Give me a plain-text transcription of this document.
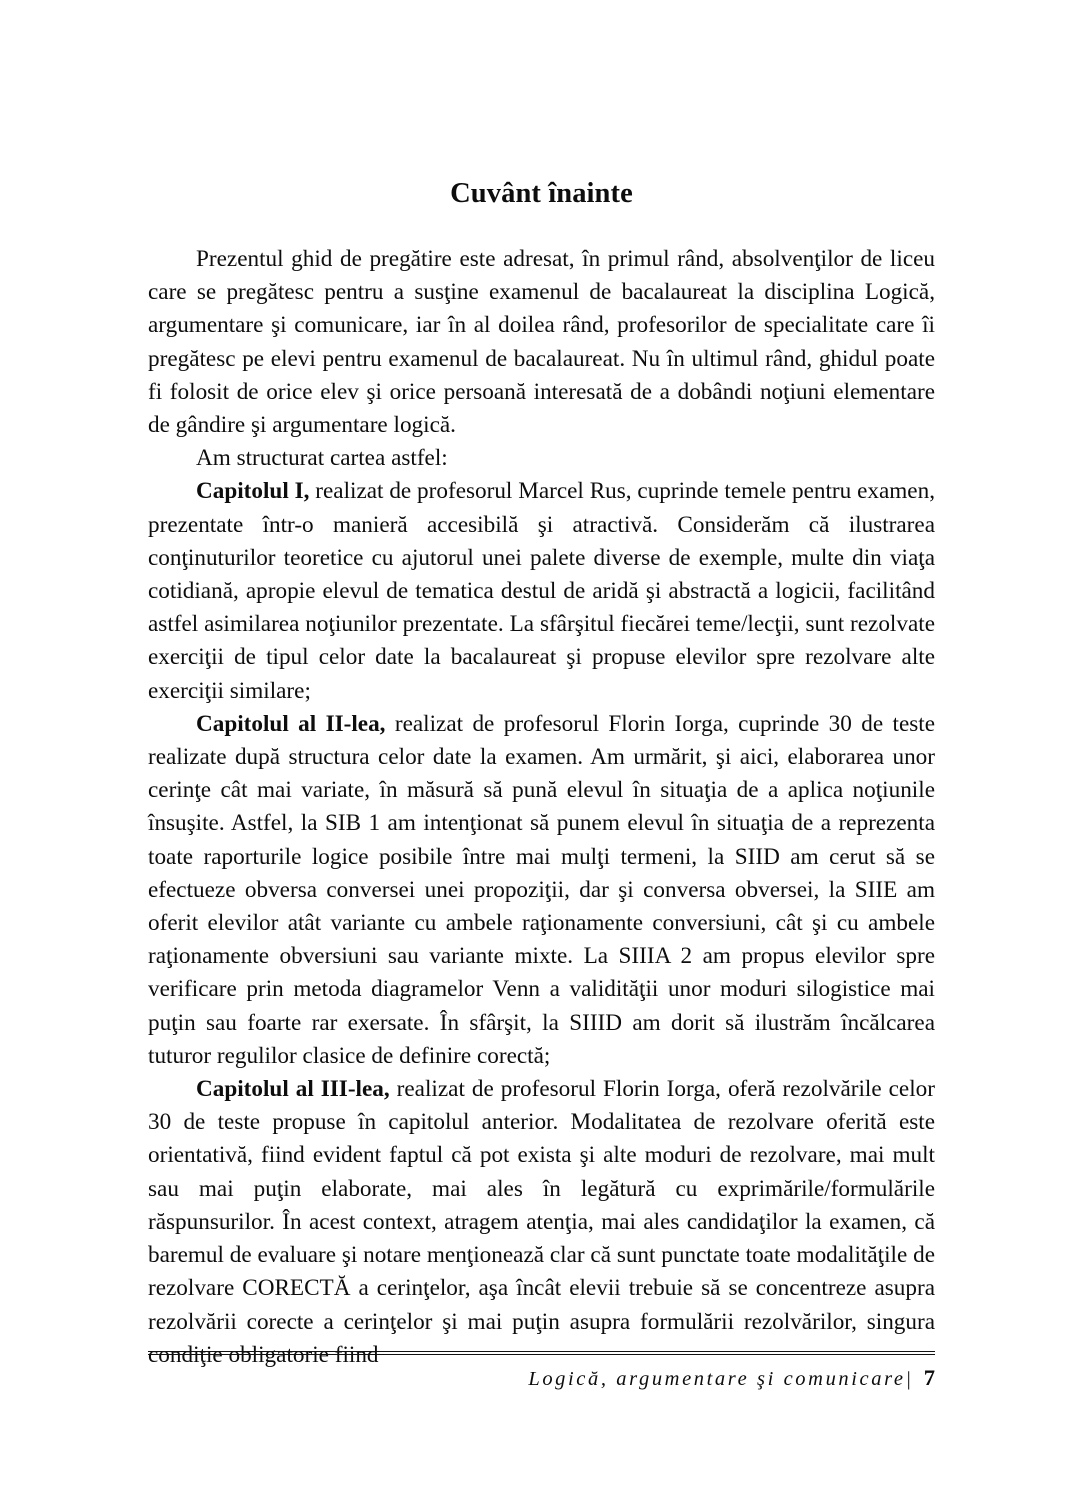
Cuvânt înainte

Prezentul ghid de pregătire este adresat, în primul rând, absolvenţilor de liceu care se pregătesc pentru a susţine examenul de bacalaureat la disciplina Logică, argumentare şi comunicare, iar în al doilea rând, profesorilor de specialitate care îi pregătesc pe elevi pentru examenul de bacalaureat. Nu în ultimul rând, ghidul poate fi folosit de orice elev şi orice persoană interesată de a dobândi noţiuni elementare de gândire şi argumentare logică.

Am structurat cartea astfel:

Capitolul I, realizat de profesorul Marcel Rus, cuprinde temele pentru examen, prezentate într-o manieră accesibilă şi atractivă. Considerăm că ilustrarea conţinuturilor teoretice cu ajutorul unei palete diverse de exemple, multe din viaţa cotidiană, apropie elevul de tematica destul de aridă şi abstractă a logicii, facilitând astfel asimilarea noţiunilor prezentate. La sfârşitul fiecărei teme/lecţii, sunt rezolvate exerciţii de tipul celor date la bacalaureat şi propuse elevilor spre rezolvare alte exerciţii similare;

Capitolul al II-lea, realizat de profesorul Florin Iorga, cuprinde 30 de teste realizate după structura celor date la examen. Am urmărit, şi aici, elaborarea unor cerinţe cât mai variate, în măsură să pună elevul în situaţia de a aplica noţiunile însuşite. Astfel, la SIB 1 am intenţionat să punem elevul în situaţia de a reprezenta toate raporturile logice posibile între mai mulţi termeni, la SIID am cerut să se efectueze obversa conversei unei propoziţii, dar şi conversa obversei, la SIIE am oferit elevilor atât variante cu ambele raţionamente conversiuni, cât şi cu ambele raţionamente obversiuni sau variante mixte. La SIIIA 2 am propus elevilor spre verificare prin metoda diagramelor Venn a validităţii unor moduri silogistice mai puţin sau foarte rar exersate. În sfârşit, la SIIID am dorit să ilustrăm încălcarea tuturor regulilor clasice de definire corectă;

Capitolul al III-lea, realizat de profesorul Florin Iorga, oferă rezolvările celor 30 de teste propuse în capitolul anterior. Modalitatea de rezolvare oferită este orientativă, fiind evident faptul că pot exista şi alte moduri de rezolvare, mai mult sau mai puţin elaborate, mai ales în legătură cu exprimările/formulările răspunsurilor. În acest context, atragem atenţia, mai ales candidaţilor la examen, că baremul de evaluare şi notare menţionează clar că sunt punctate toate modalităţile de rezolvare CORECTĂ a cerinţelor, aşa încât elevii trebuie să se concentreze asupra rezolvării corecte a cerinţelor şi mai puţin asupra formulării rezolvărilor, singura condiţie obligatorie fiind

Logică, argumentare şi comunicare| 7
